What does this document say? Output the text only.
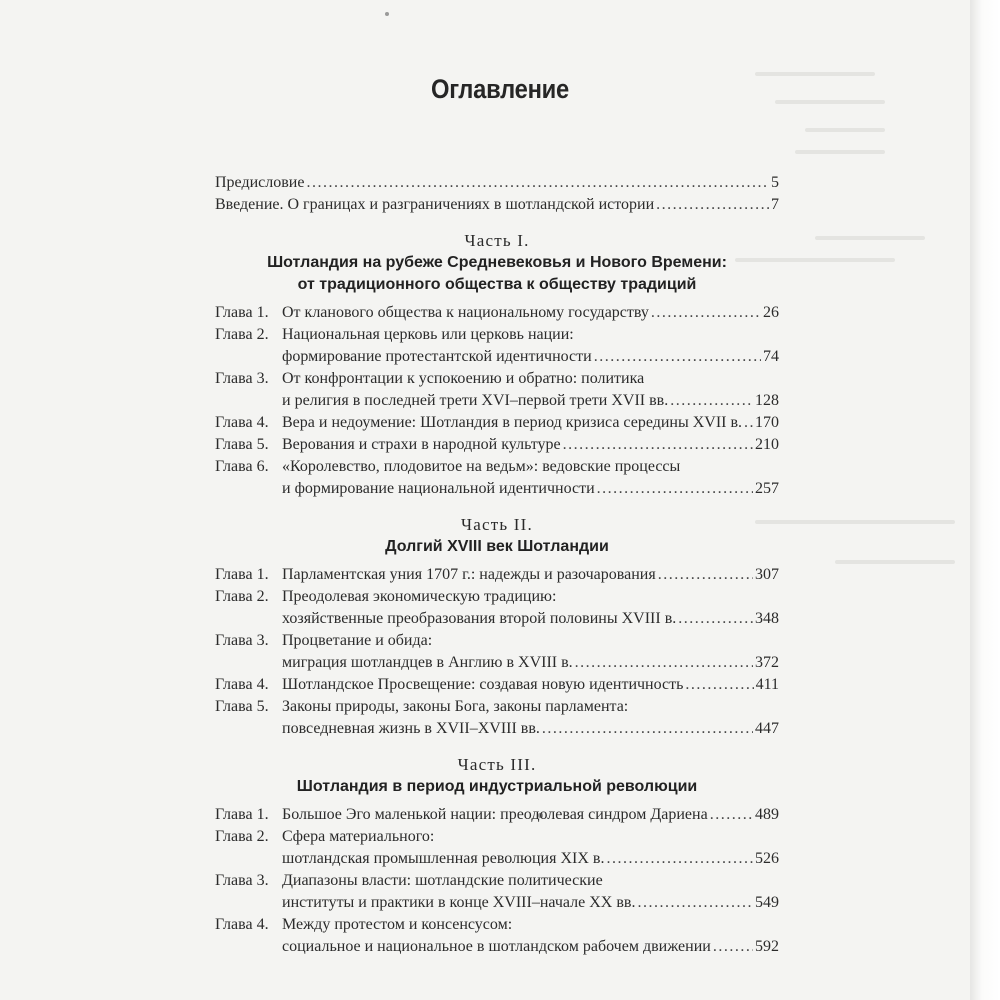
Оглавление
Предисловие .....	5
Введение. О границах и разграничениях в шотландской истории .....	7
Часть I.
Шотландия на рубеже Средневековья и Нового Времени:
от традиционного общества к обществу традиций
Глава 1. От кланового общества к национальному государству .....	26
Глава 2. Национальная церковь или церковь нации:
формирование протестантской идентичности .....	74
Глава 3. От конфронтации к успокоению и обратно: политика
и религия в последней трети XVI–первой трети XVII вв. .....	128
Глава 4. Вера и недоумение: Шотландия в период кризиса середины XVII в. ..... 170
Глава 5. Верования и страхи в народной культуре .....	210
Глава 6. «Королевство, плодовитое на ведьм»: ведовские процессы
и формирование национальной идентичности .....	257
Часть II.
Долгий XVIII век Шотландии
Глава 1. Парламентская уния 1707 г.: надежды и разочарования .....	307
Глава 2. Преодолевая экономическую традицию:
хозяйственные преобразования второй половины XVIII в. .....	348
Глава 3. Процветание и обида:
миграция шотландцев в Англию в XVIII в. .....	372
Глава 4. Шотландское Просвещение: создавая новую идентичность .....	411
Глава 5. Законы природы, законы Бога, законы парламента:
повседневная жизнь в XVII–XVIII вв. .....	447
Часть III.
Шотландия в период индустриальной революции
Глава 1. Большое Эго маленькой нации: преодолевая синдром Дариена .....	489
Глава 2. Сфера материального:
шотландская промышленная революция XIX в. .....	526
Глава 3. Диапазоны власти: шотландские политические
институты и практики в конце XVIII–начале XX вв. .....	549
Глава 4. Между протестом и консенсусом:
социальное и национальное в шотландском рабочем движении .....	592
